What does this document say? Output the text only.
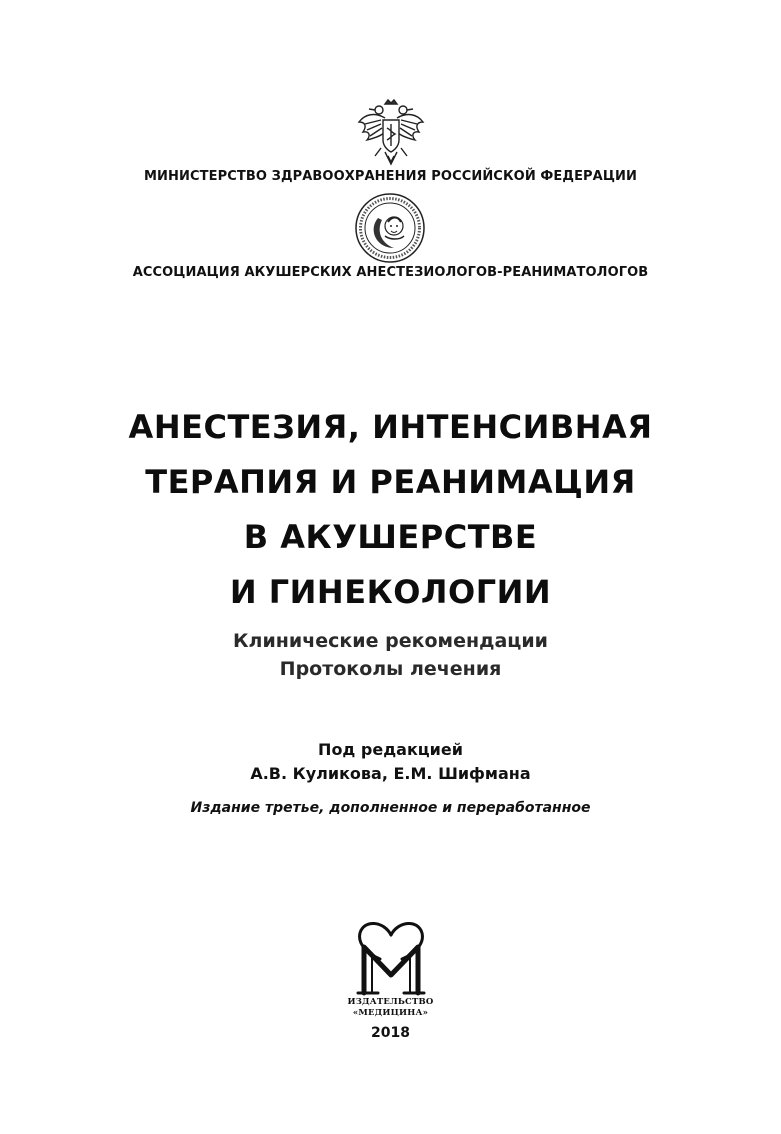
МИНИСТЕРСТВО ЗДРАВООХРАНЕНИЯ РОССИЙСКОЙ ФЕДЕРАЦИИ
АССОЦИАЦИЯ АКУШЕРСКИХ АНЕСТЕЗИОЛОГОВ-РЕАНИМАТОЛОГОВ
АНЕСТЕЗИЯ, ИНТЕНСИВНАЯ
ТЕРАПИЯ И РЕАНИМАЦИЯ
В АКУШЕРСТВЕ
И ГИНЕКОЛОГИИ
Клинические рекомендации
Протоколы лечения
Под редакцией
А.В. Куликова, Е.М. Шифмана
Издание третье, дополненное и переработанное
ИЗДАТЕЛЬСТВО
«МЕДИЦИНА»
2018
